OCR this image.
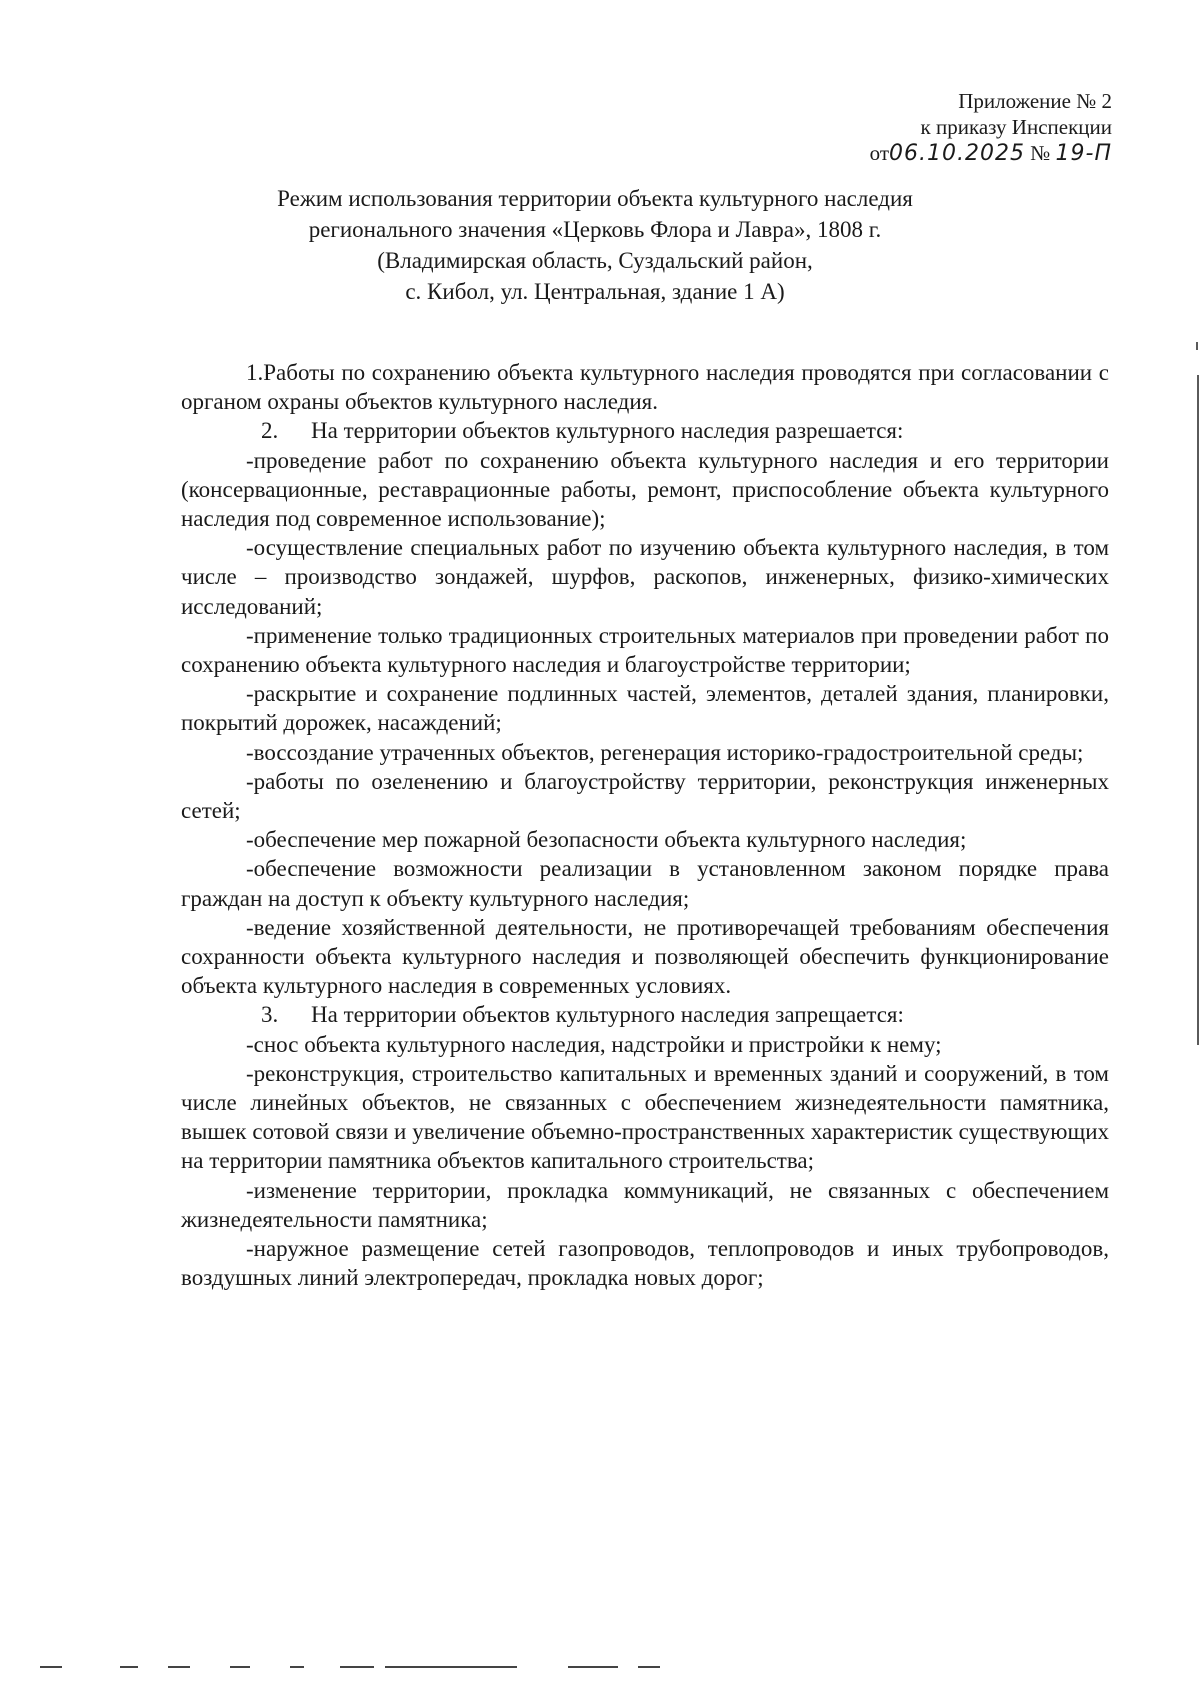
Приложение № 2
к приказу Инспекции
от06.10.2025 № 19-П
Режим использования территории объекта культурного наследия
регионального значения «Церковь Флора и Лавра», 1808 г.
(Владимирская область, Суздальский район,
с. Кибол, ул. Центральная, здание 1 А)

1.Работы по сохранению объекта культурного наследия проводятся при согласовании с органом охраны объектов культурного наследия.

2. На территории объектов культурного наследия разрешается:

-проведение работ по сохранению объекта культурного наследия и его территории (консервационные, реставрационные работы, ремонт, приспособление объекта культурного наследия под современное использование);

-осуществление специальных работ по изучению объекта культурного наследия, в том числе – производство зондажей, шурфов, раскопов, инженерных, физико-химических исследований;

-применение только традиционных строительных материалов при проведении работ по сохранению объекта культурного наследия и благоустройстве территории;

-раскрытие и сохранение подлинных частей, элементов, деталей здания, планировки, покрытий дорожек, насаждений;

-воссоздание утраченных объектов, регенерация историко-градостроительной среды;

-работы по озеленению и благоустройству территории, реконструкция инженерных сетей;

-обеспечение мер пожарной безопасности объекта культурного наследия;

-обеспечение возможности реализации в установленном законом порядке права граждан на доступ к объекту культурного наследия;

-ведение хозяйственной деятельности, не противоречащей требованиям обеспечения сохранности объекта культурного наследия и позволяющей обеспечить функционирование объекта культурного наследия в современных условиях.

3. На территории объектов культурного наследия запрещается:

-снос объекта культурного наследия, надстройки и пристройки к нему;

-реконструкция, строительство капитальных и временных зданий и сооружений, в том числе линейных объектов, не связанных с обеспечением жизнедеятельности памятника, вышек сотовой связи и увеличение объемно-пространственных характеристик существующих на территории памятника объектов капитального строительства;

-изменение территории, прокладка коммуникаций, не связанных с обеспечением жизнедеятельности памятника;

-наружное размещение сетей газопроводов, теплопроводов и иных трубопроводов, воздушных линий электропередач, прокладка новых дорог;
